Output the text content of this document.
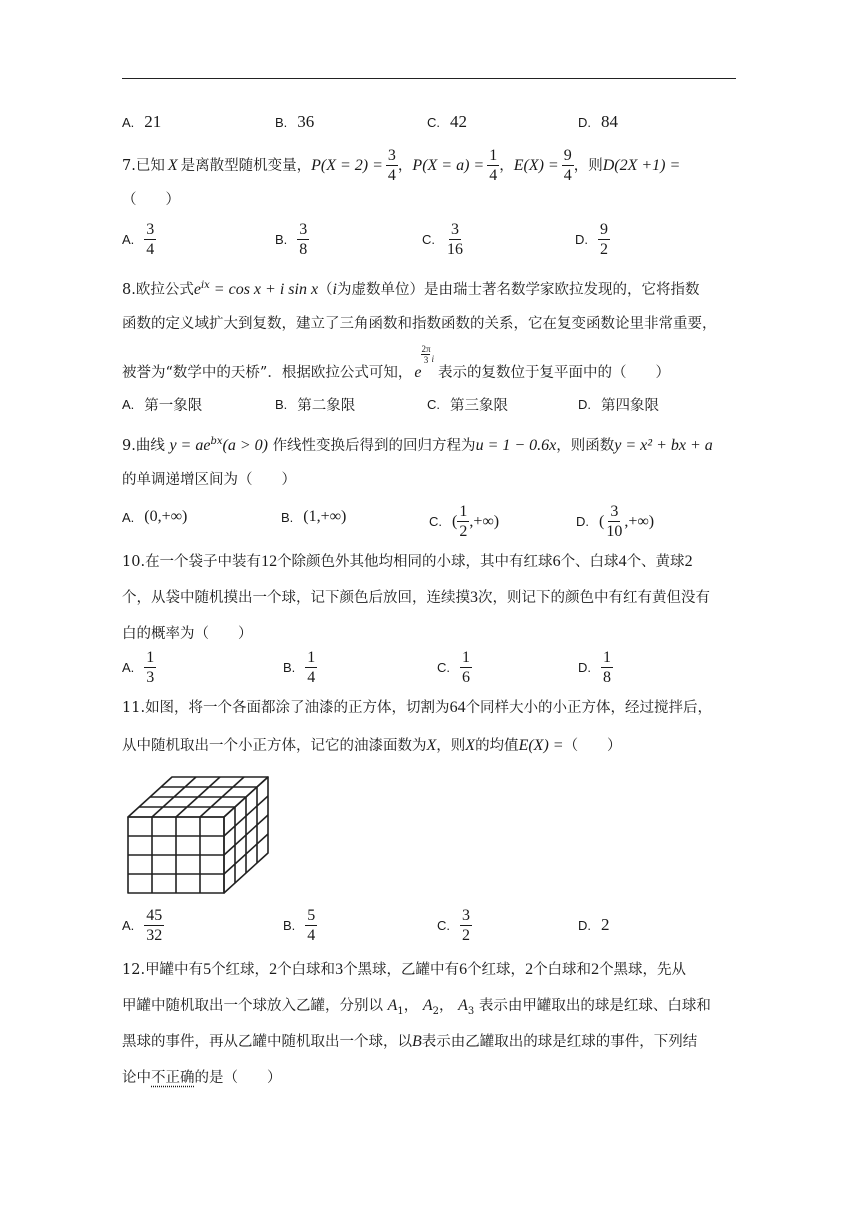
A. 21	B. 36	C. 42	D. 84
7. 已知 X 是离散型随机变量， $P(X = 2) = \frac{3}{4}$ ， $P(X = a) = \frac{1}{4}$ ， $E(X) = \frac{9}{4}$ ，则 D(2X +1) =
（　　）
A. $\frac{3}{4}$	B. $\frac{3}{8}$	C. $\frac{3}{16}$	D. $\frac{9}{2}$
8.欧拉公式$e^{ix} = \cos x + i$ sin x（i为虚数单位）是由瑞士著名数学家欧拉发现的，它将指数
函数的定义域扩大到复数，建立了三角函数和指数函数的关系，它在复变函数论里非常重要，
被誉为“数学中的天桥”．根据欧拉公式可知， e
2π
3 i
表示的复数位于复平面中的（　　）
A. 第一象限	B. 第二象限	C. 第三象限	D. 第四象限
9.曲线 $y = ae^{bx}(a > 0)$ 作线性变换后得到的回归方程为u = 1 − 0.6x，则函数y = x² + bx + a
的单调递增区间为（　　）
A. (0,+∞)	B. (1,+∞)	C. ( $\frac{1}{2}$ ,+∞)	D. ( $\frac{3}{10}$ ,+∞)
10.在一个袋子中装有12个除颜色外其他均相同的小球，其中有红球6个、白球4个、黄球2
个，从袋中随机摸出一个球，记下颜色后放回，连续摸3次，则记下的颜色中有红有黄但没有
白的概率为（　　）
A. $\frac{1}{3}$	B. $\frac{1}{4}$	C. $\frac{1}{6}$	D. $\frac{1}{8}$
11.如图，将一个各面都涂了油漆的正方体，切割为64个同样大小的小正方体，经过搅拌后，
从中随机取出一个小正方体，记它的油漆面数为X，则X的均值E(X) =（　　）
A. $\frac{45}{32}$	B. $\frac{5}{4}$	C. $\frac{3}{2}$	D. 2
12.甲罐中有5个红球，2个白球和3个黑球，乙罐中有6个红球，2个白球和2个黑球，先从
甲罐中随机取出一个球放入乙罐，分别以 $A_1$， $A_2$， $A_3$ 表示由甲罐取出的球是红球、白球和
黑球的事件，再从乙罐中随机取出一个球，以B表示由乙罐取出的球是红球的事件，下列结
论中不正确的是（　　）
